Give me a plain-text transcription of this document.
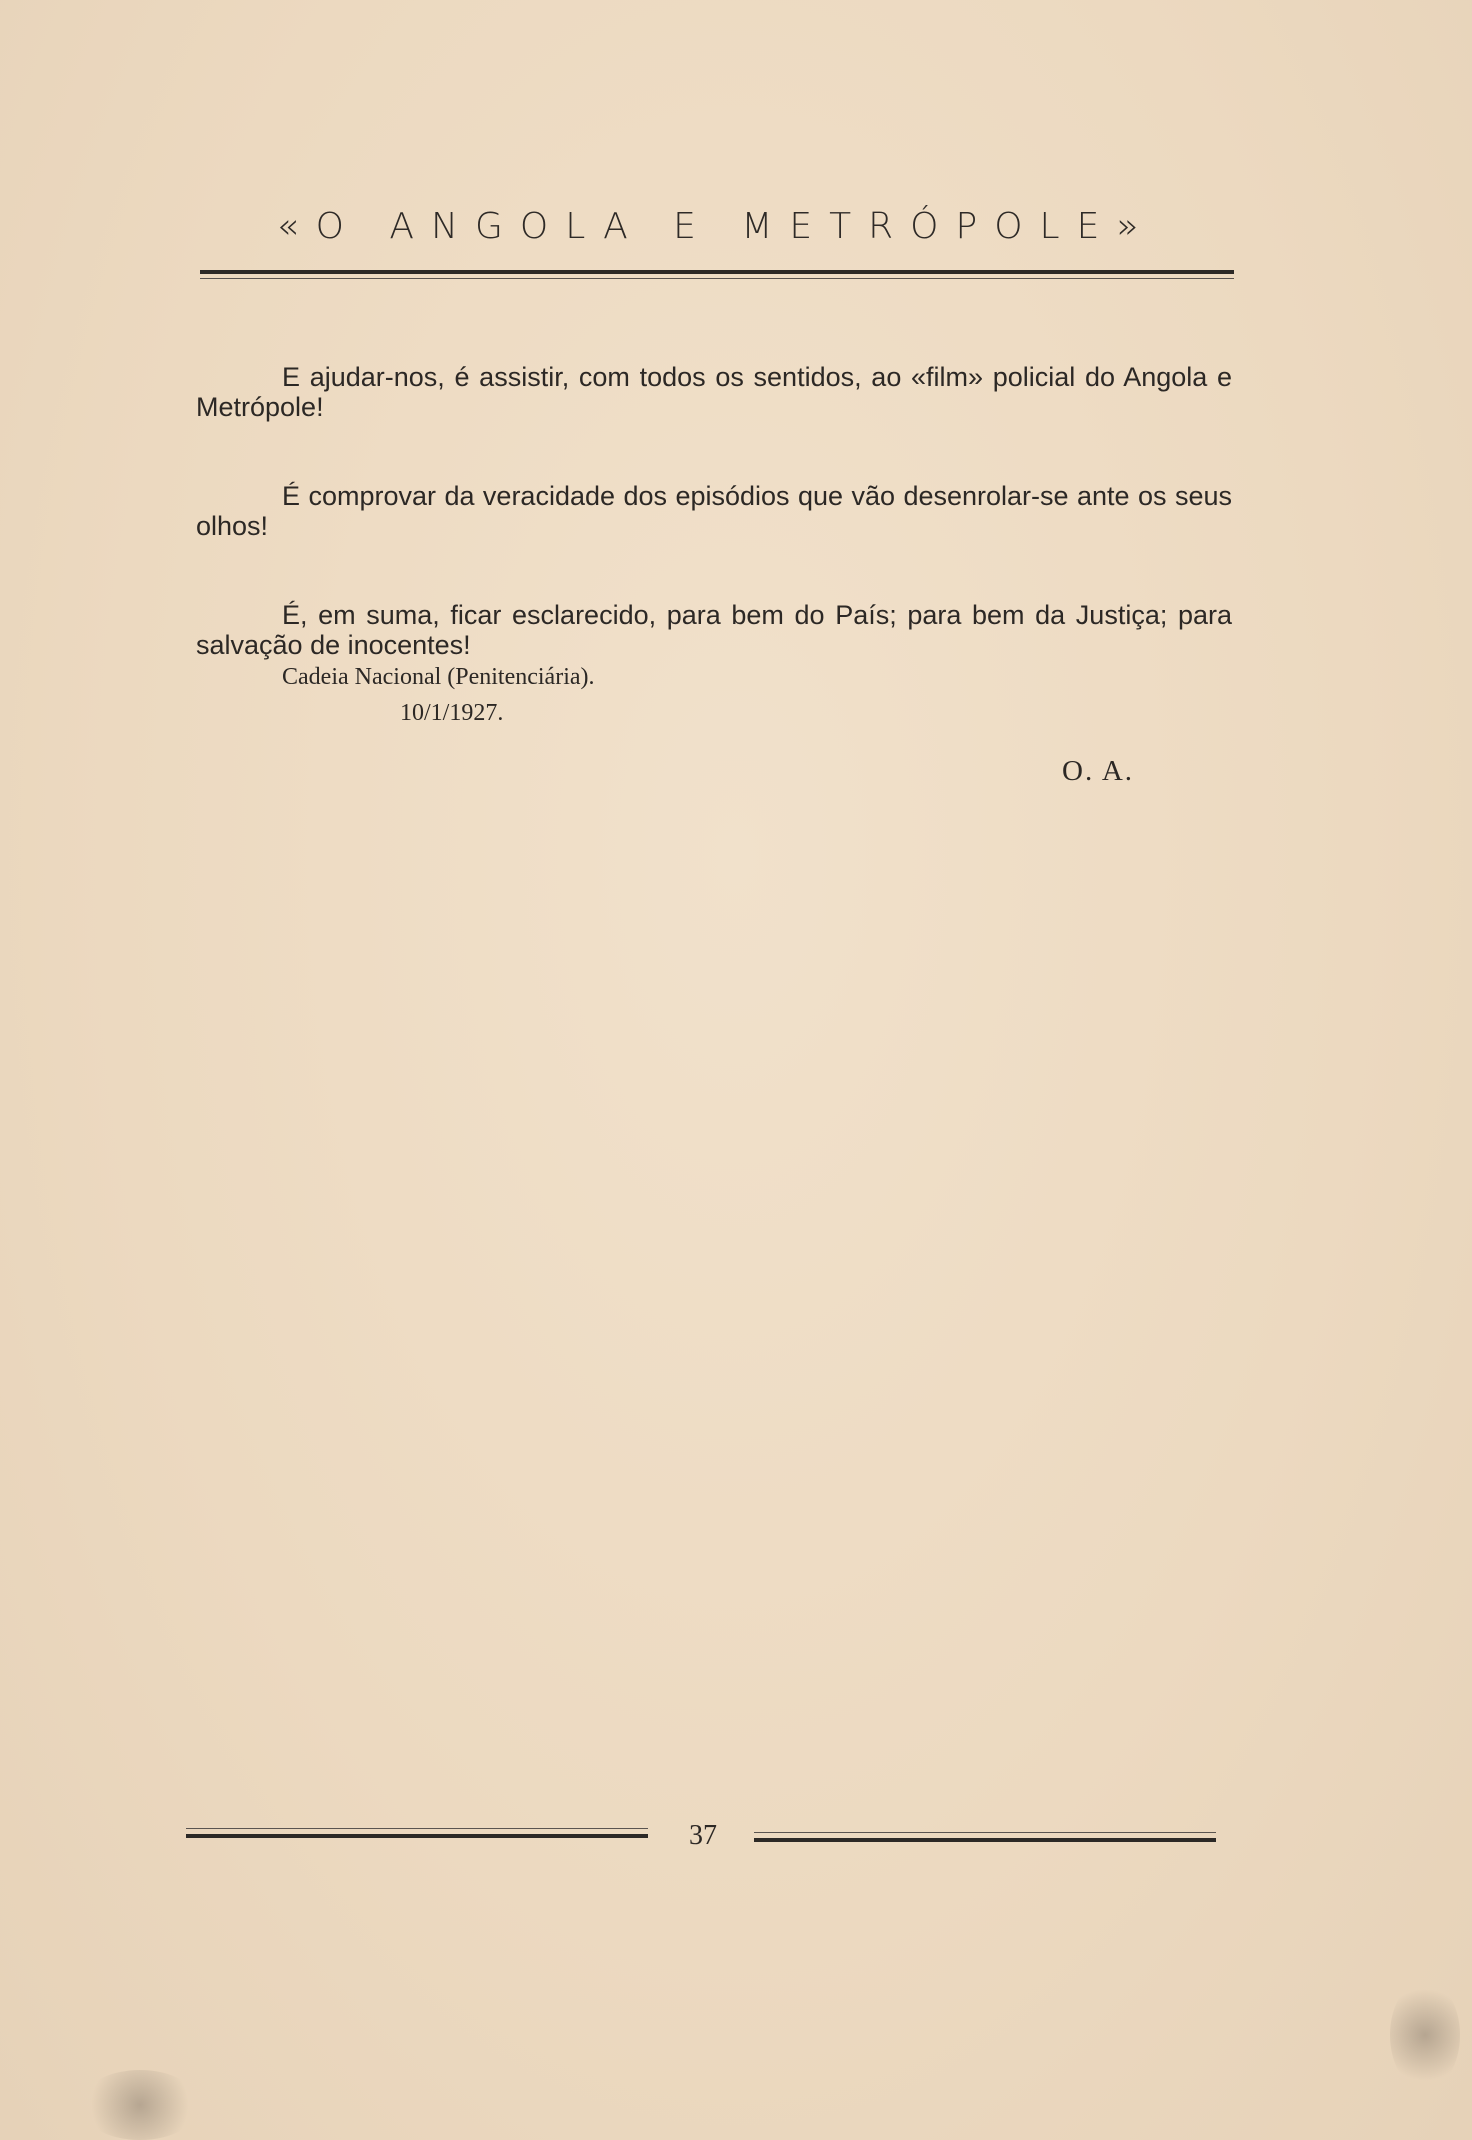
«O ANGOLA E METRÓPOLE»

E ajudar-nos, é assistir, com todos os sentidos, ao «film» policial do Angola e Metrópole!

É comprovar da veracidade dos episódios que vão desenrolar-se ante os seus olhos!

É, em suma, ficar esclarecido, para bem do País; para bem da Justiça; para salvação de inocentes!

Cadeia Nacional (Penitenciária).
10/1/1927.
O. A.
37
